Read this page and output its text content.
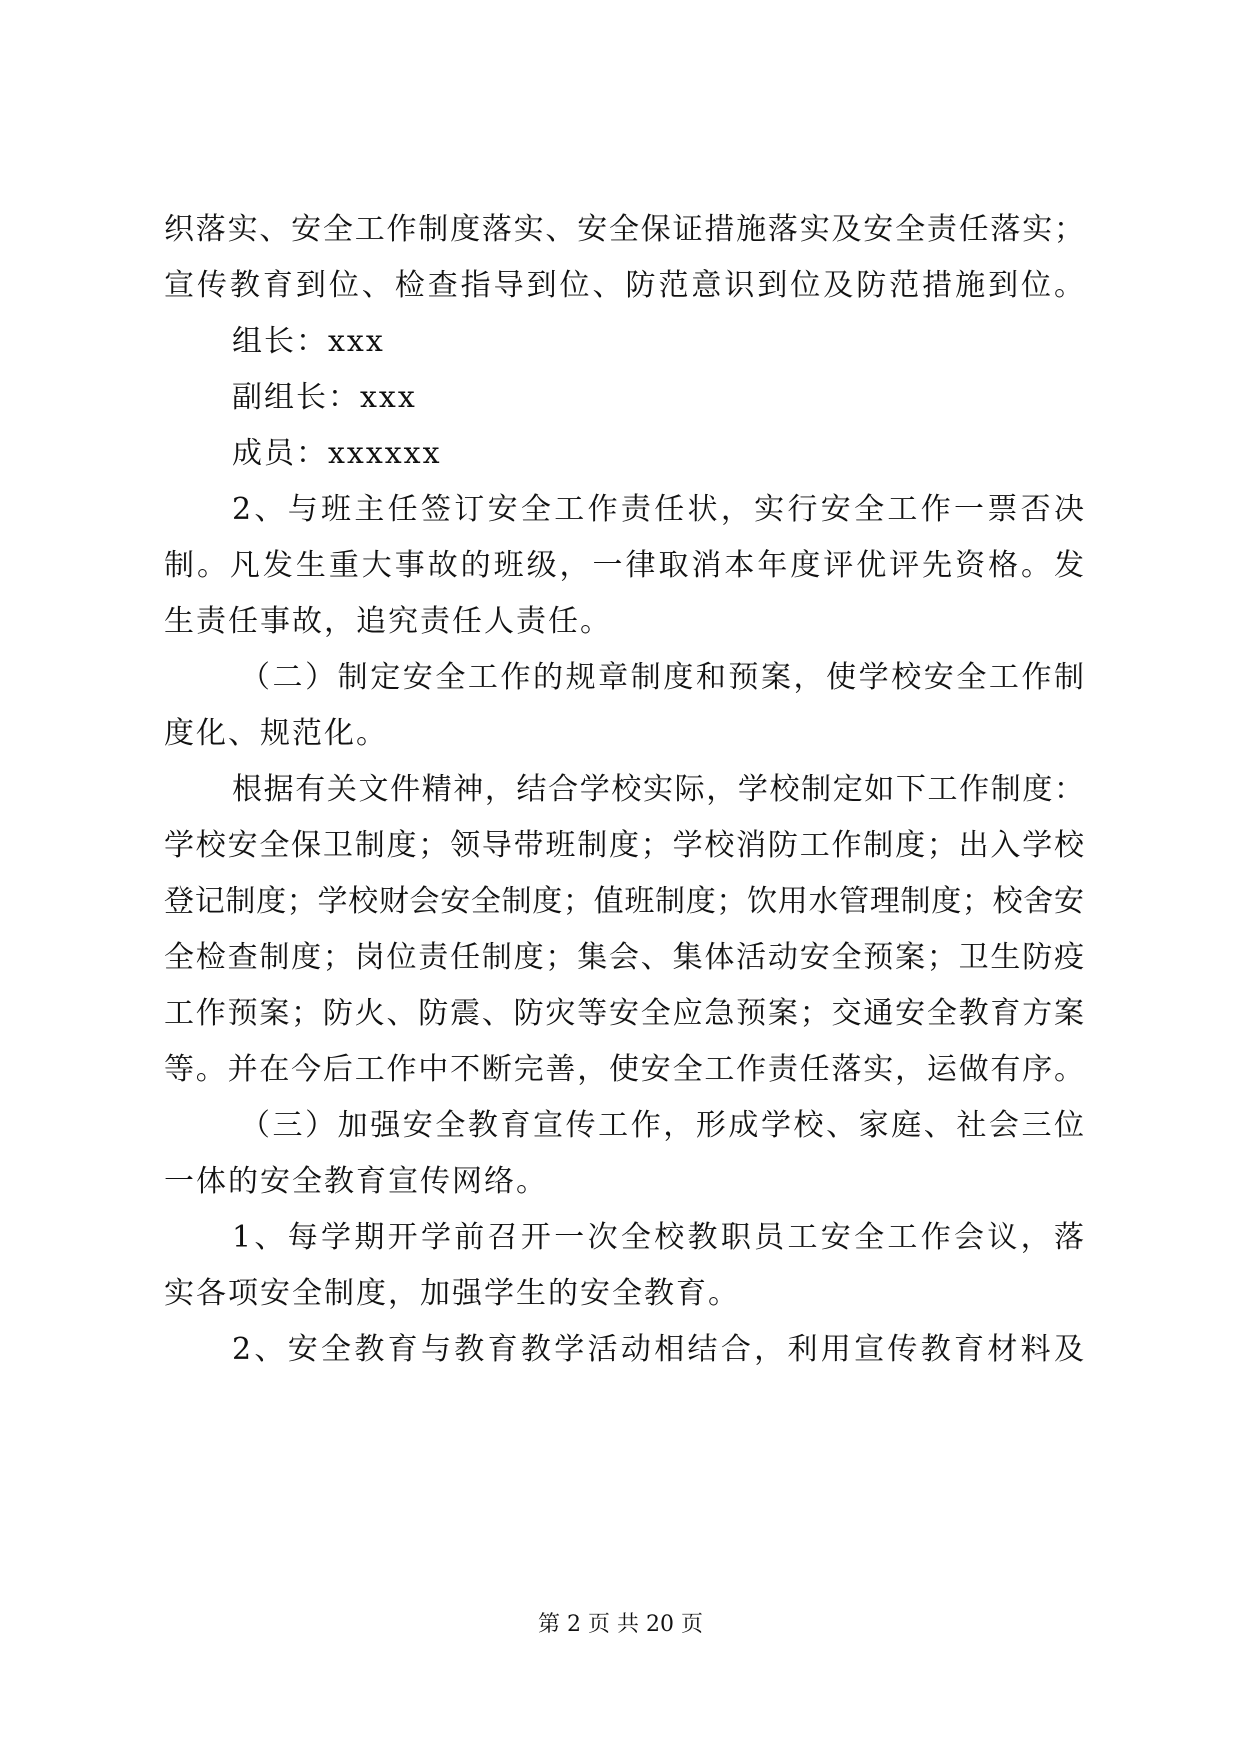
织落实、安全工作制度落实、安全保证措施落实及安全责任落实；
宣传教育到位、检查指导到位、防范意识到位及防范措施到位。
组长：xxx
副组长：xxx
成员：xxxxxx
2、与班主任签订安全工作责任状，实行安全工作一票否决
制。凡发生重大事故的班级，一律取消本年度评优评先资格。发
生责任事故，追究责任人责任。
（二）制定安全工作的规章制度和预案，使学校安全工作制
度化、规范化。
根据有关文件精神，结合学校实际，学校制定如下工作制度：
学校安全保卫制度；领导带班制度；学校消防工作制度；出入学校
登记制度；学校财会安全制度；值班制度；饮用水管理制度；校舍安
全检查制度；岗位责任制度；集会、集体活动安全预案；卫生防疫
工作预案；防火、防震、防灾等安全应急预案；交通安全教育方案
等。并在今后工作中不断完善，使安全工作责任落实，运做有序。
（三）加强安全教育宣传工作，形成学校、家庭、社会三位
一体的安全教育宣传网络。
1、每学期开学前召开一次全校教职员工安全工作会议，落
实各项安全制度，加强学生的安全教育。
2、安全教育与教育教学活动相结合，利用宣传教育材料及
第 2 页 共 20 页
